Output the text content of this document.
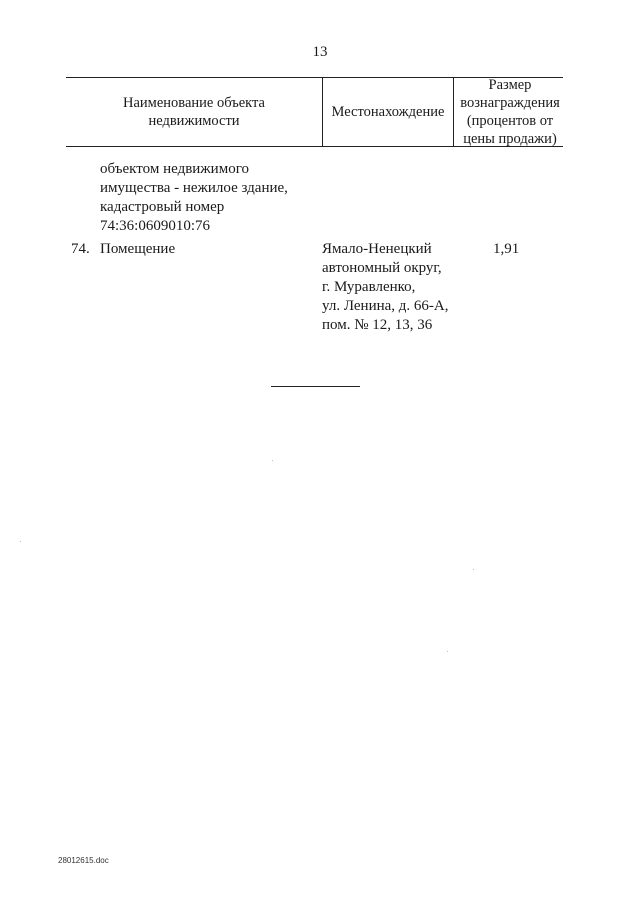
13
Наименование объекта
недвижимости
Местонахождение
Размер
вознаграждения
(процентов от
цены продажи)
объектом недвижимого
имущества - нежилое здание,
кадастровый номер
74:36:0609010:76
74. Помещение	Ямало-Ненецкий
автономный округ,
г. Муравленко,
ул. Ленина, д. 66-А,
пом. № 12, 13, 36
1,91
28012615.doc
